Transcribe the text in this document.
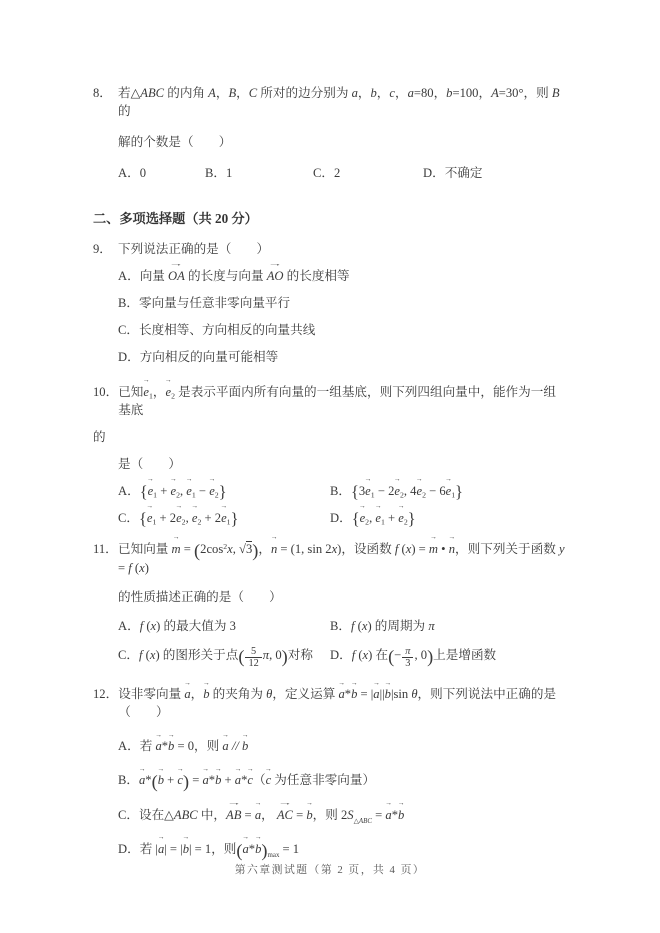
8． 若△ABC 的内角 A，B，C 所对的边分别为 a，b，c，a=80，b=100，A=30°，则 B 的
解的个数是（　　）
A．0	B．1	C．2	D．不确定
二、多项选择题（共 20 分）
9． 下列说法正确的是（　　）
A．向量 OA → 的长度与向量 AO → 的长度相等
B．零向量与任意非零向量平行
C．长度相等、方向相反的向量共线
D．方向相反的向量可能相等
10． 已知$e \to_1$，$e \to_2$ 是表示平面内所有向量的一组基底，则下列四组向量中，能作为一组基底
的
是（　　）
A．{$e \to_1 + e \to_2$, $e \to_1 - e \to_2$}	B．{$3e \to_1 - 2e \to_2$, $4e \to_2 - 6e \to_1$}
C．{$e \to_1 + 2e \to_2$, $e \to_2 + 2e \to_1$}	D．{$e \to_2$, $e \to_1 + e \to_2$}
11． 已知向量 m → = ($2\cos^2x$, √3)，n → = (1, sin 2x)，设函数 f (x) = m → • n →，则下列关于函数 y = f (x)
的性质描述正确的是（　　）
A．f (x) 的最大值为 3	B．f (x) 的周期为 π
C．f (x) 的图形关于点( $\frac{5}{12} \pi$, 0)对称	D．f (x) 在(− $\frac{\pi}{3}$ , 0)上是增函数
12． 设非零向量 a →，b → 的夹角为 θ，定义运算 a →*b → = |a →||b →|sin θ，则下列说法中正确的是（　　）
A．若 a →*b → = 0，则 a → // b →
B．a →*(b → + c →) = a →*b → + a →*c →（c → 为任意非零向量）
C．设在△ABC 中，AB → = a →， AC → = b →，则 $2S_{\triangle ABC} = a \to*b$ →
D．若 |a →| = |b →| = 1，则$(a \to*b \to)_{max} = 1$
第六章测试题（第 2 页，共 4 页）
